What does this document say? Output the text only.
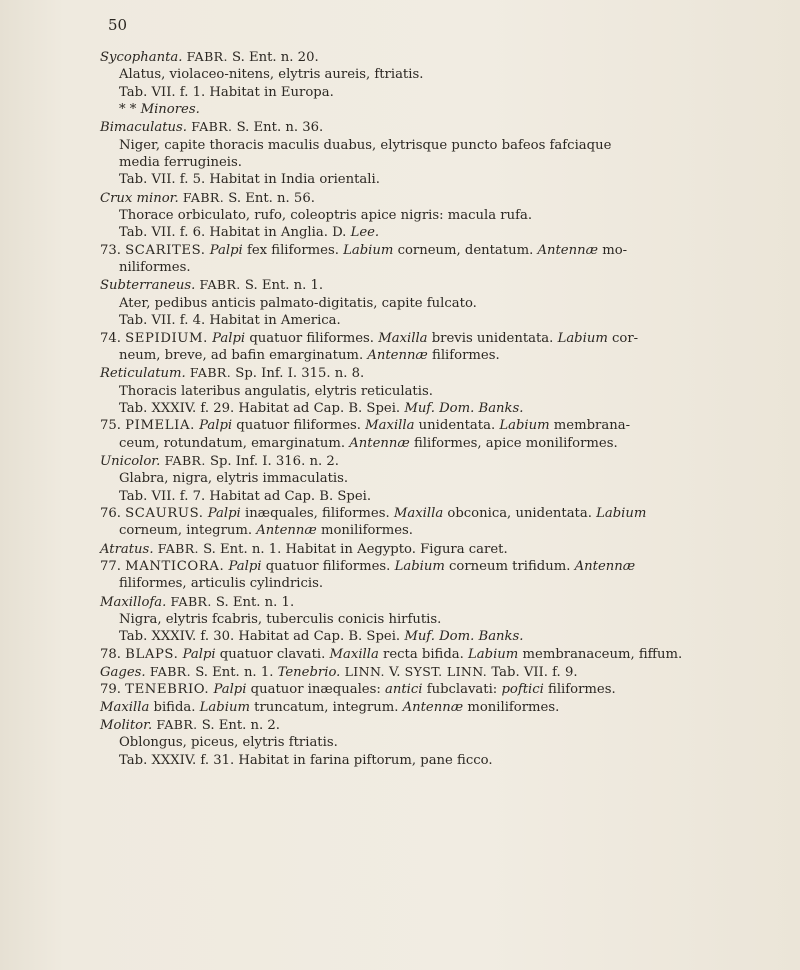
50
Sycophanta. FABR. S. Ent. n. 20.
Alatus, violaceo-nitens, elytris aureis, ftriatis.
Tab. VII. f. 1. Habitat in Europa.
* * Minores.
Bimaculatus. FABR. S. Ent. n. 36.
Niger, capite thoracis maculis duabus, elytrisque puncto bafeos fafciaque
media ferrugineis.
Tab. VII. f. 5. Habitat in India orientali.
Crux minor. FABR. S. Ent. n. 56.
Thorace orbiculato, rufo, coleoptris apice nigris: macula rufa.
Tab. VII. f. 6. Habitat in Anglia. D. Lee.
73. SCARITES. Palpi fex filiformes. Labium corneum, dentatum. Antennæ mo-
niliformes.
Subterraneus. FABR. S. Ent. n. 1.
Ater, pedibus anticis palmato-digitatis, capite fulcato.
Tab. VII. f. 4. Habitat in America.
74. SEPIDIUM. Palpi quatuor filiformes. Maxilla brevis unidentata. Labium cor-
neum, breve, ad bafin emarginatum. Antennæ filiformes.
Reticulatum. FABR. Sp. Inf. I. 315. n. 8.
Thoracis lateribus angulatis, elytris reticulatis.
Tab. XXXIV. f. 29. Habitat ad Cap. B. Spei. Muf. Dom. Banks.
75. PIMELIA. Palpi quatuor filiformes. Maxilla unidentata. Labium membrana-
ceum, rotundatum, emarginatum. Antennæ filiformes, apice moniliformes.
Unicolor. FABR. Sp. Inf. I. 316. n. 2.
Glabra, nigra, elytris immaculatis.
Tab. VII. f. 7. Habitat ad Cap. B. Spei.
76. SCAURUS. Palpi inæquales, filiformes. Maxilla obconica, unidentata. Labium
corneum, integrum. Antennæ moniliformes.
Atratus. FABR. S. Ent. n. 1. Habitat in Aegypto. Figura caret.
77. MANTICORA. Palpi quatuor filiformes. Labium corneum trifidum. Antennæ
filiformes, articulis cylindricis.
Maxillofa. FABR. S. Ent. n. 1.
Nigra, elytris fcabris, tuberculis conicis hirfutis.
Tab. XXXIV. f. 30. Habitat ad Cap. B. Spei. Muf. Dom. Banks.
78. BLAPS. Palpi quatuor clavati. Maxilla recta bifida. Labium membranaceum, fiffum.
Gages. FABR. S. Ent. n. 1. Tenebrio. LINN. V. SYST. LINN. Tab. VII. f. 9.
79. TENEBRIO. Palpi quatuor inæquales: antici fubclavati: poftici filiformes.
Maxilla bifida. Labium truncatum, integrum. Antennæ moniliformes.
Molitor. FABR. S. Ent. n. 2.
Oblongus, piceus, elytris ftriatis.
Tab. XXXIV. f. 31. Habitat in farina piftorum, pane ficco.
